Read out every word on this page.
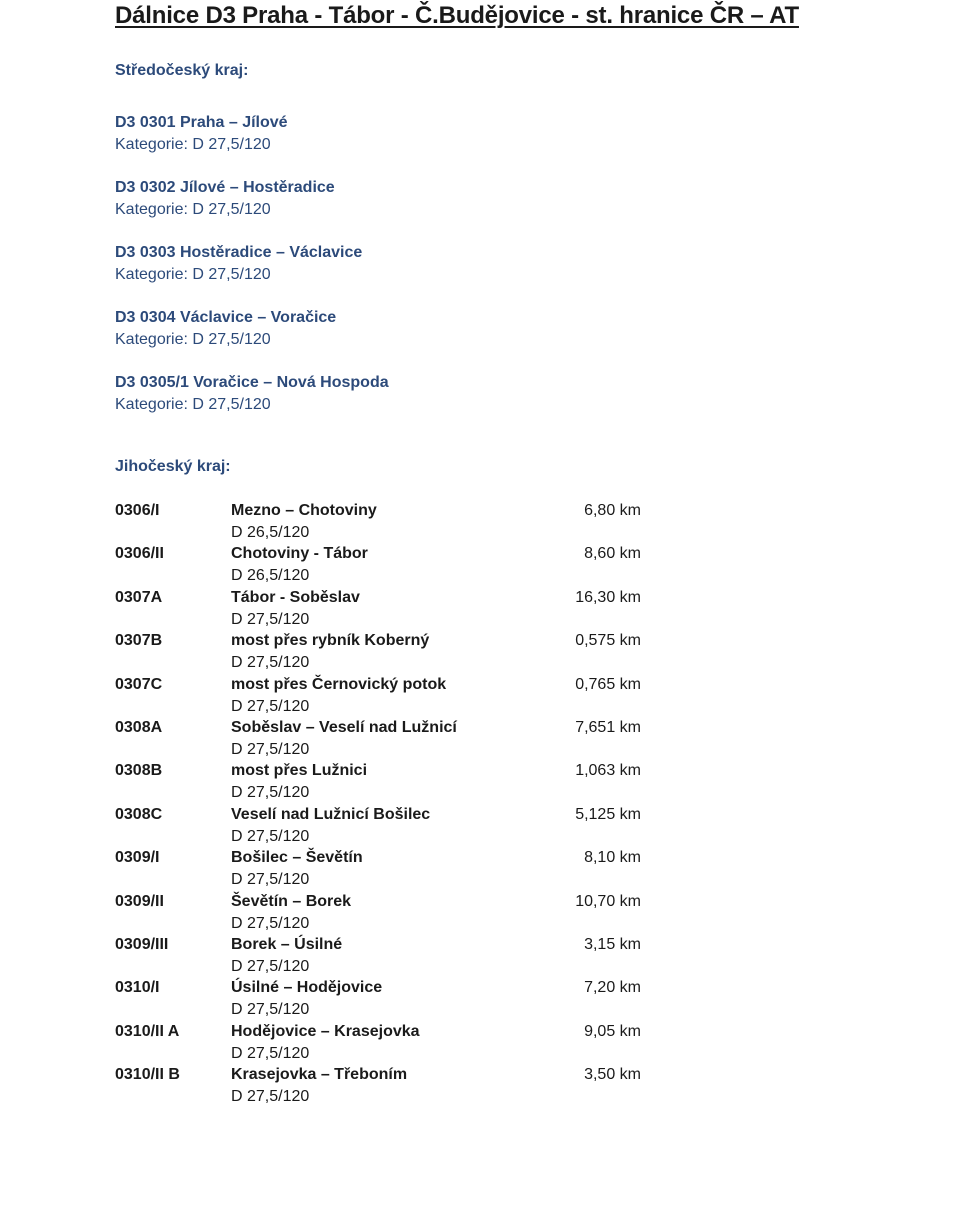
Dálnice D3 Praha - Tábor - Č.Budějovice - st. hranice ČR – AT
Středočeský kraj:
D3 0301 Praha – Jílové
Kategorie: D 27,5/120
D3 0302 Jílové – Hostěradice
Kategorie: D 27,5/120
D3 0303 Hostěradice – Václavice
Kategorie: D 27,5/120
D3 0304 Václavice – Voračice
Kategorie: D 27,5/120
D3 0305/1 Voračice – Nová Hospoda
Kategorie: D 27,5/120
Jihočeský kraj:
0306/I	Mezno – Chotoviny
D 26,5/120
6,80 km
0306/II	Chotoviny - Tábor
D 26,5/120
8,60 km
0307A	Tábor - Soběslav
D 27,5/120
16,30 km
0307B	most přes rybník Koberný
D 27,5/120
0,575 km
0307C	most přes Černovický potok
D 27,5/120
0,765 km
0308A	Soběslav – Veselí nad Lužnicí
D 27,5/120
7,651 km
0308B	most přes Lužnici
D 27,5/120
1,063 km
0308C	Veselí nad Lužnicí Bošilec
D 27,5/120
5,125 km
0309/I	Bošilec – Ševětín
D 27,5/120
8,10 km
0309/II	Ševětín – Borek
D 27,5/120
10,70 km
0309/III	Borek – Úsilné
D 27,5/120
3,15 km
0310/I	Úsilné – Hodějovice
D 27,5/120
7,20 km
0310/II A	Hodějovice – Krasejovka
D 27,5/120
9,05 km
0310/II B	Krasejovka – Třeboním
D 27,5/120
3,50 km
